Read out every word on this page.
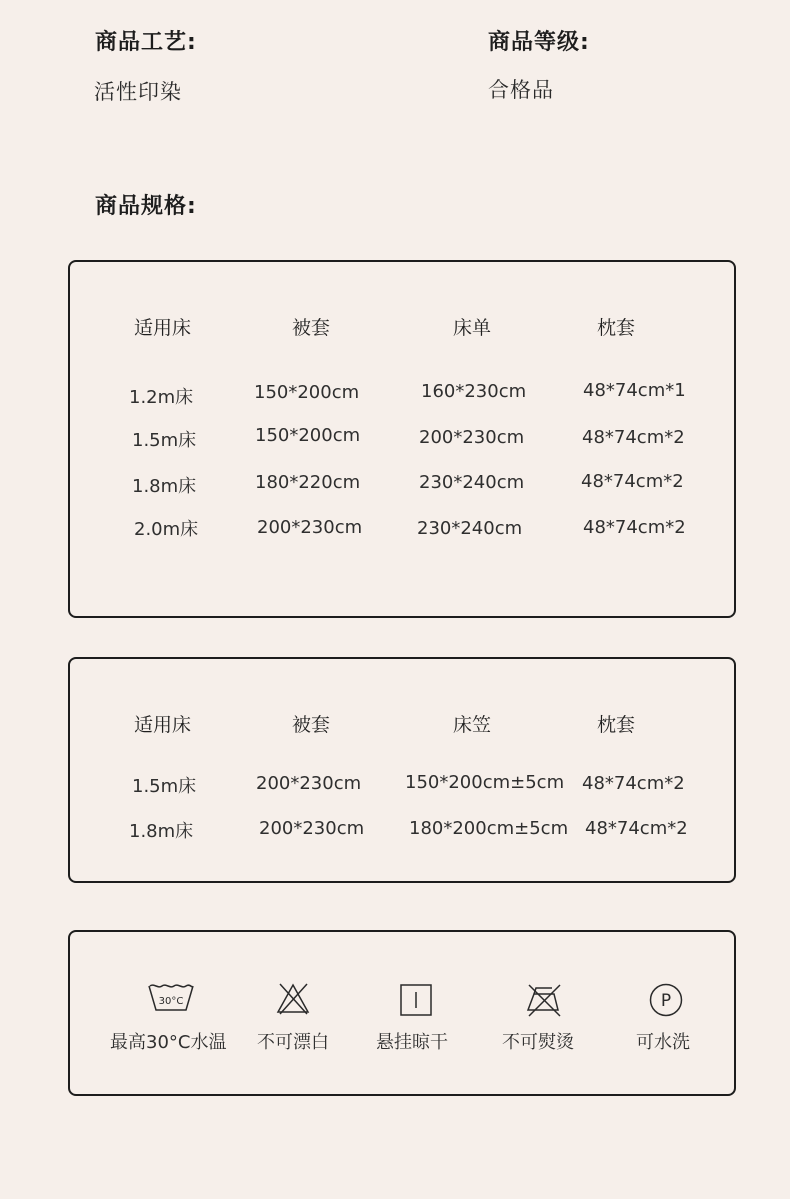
商品工艺:
活性印染
商品等级:
合格品
商品规格:
适用床	被套	床单	枕套
1.2m床	150*200cm	160*230cm	48*74cm*1
1.5m床	150*200cm	200*230cm	48*74cm*2
1.8m床	180*220cm	230*240cm	48*74cm*2
2.0m床	200*230cm	230*240cm	48*74cm*2
适用床	被套	床笠	枕套
1.5m床	200*230cm 150*200cm±5cm 48*74cm*2
1.8m床	200*230cm 180*200cm±5cm 48*74cm*2
30°C
最高30°C水温 不可漂白	悬挂晾干	不可熨烫
P
可水洗
